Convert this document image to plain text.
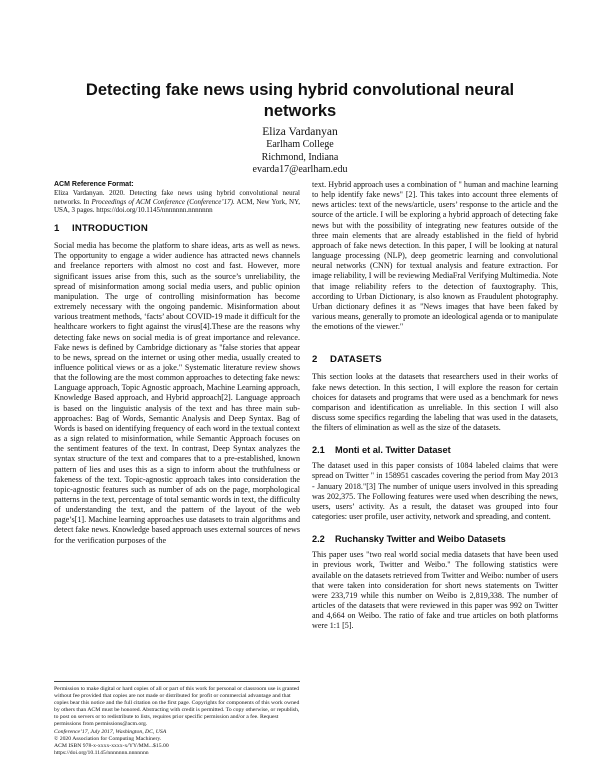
Detecting fake news using hybrid convolutional neural networks
Eliza Vardanyan
Earlham College
Richmond, Indiana
evarda17@earlham.edu
ACM Reference Format:

Eliza Vardanyan. 2020. Detecting fake news using hybrid convolutional neural networks. In Proceedings of ACM Conference (Conference’17). ACM, New York, NY, USA, 3 pages. https://doi.org/10.1145/nnnnnnn.nnnnnnn

1 INTRODUCTION

Social media has become the platform to share ideas, arts as well as news. The opportunity to engage a wider audience has attracted news channels and freelance reporters with almost no cost and fast. However, more significant issues arise from this, such as the source’s unreliability, the spread of misinformation among social media users, and public opinion manipulation. The urge of controlling misinformation has become extremely necessary with the ongoing pandemic. Misinformation about various treatment methods, ‘facts’ about COVID-19 made it difficult for the healthcare workers to fight against the virus[4].These are the reasons why detecting fake news on social media is of great importance and relevance. Fake news is defined by Cambridge dictionary as "false stories that appear to be news, spread on the internet or using other media, usually created to influence political views or as a joke." Systematic literature review shows that the following are the most common approaches to detecting fake news: Language approach, Topic Agnostic approach, Machine Learning approach, Knowledge Based approach, and Hybrid approach[2]. Language approach is based on the linguistic analysis of the text and has three main sub-approaches: Bag of Words, Semantic Analysis and Deep Syntax. Bag of Words is based on identifying frequency of each word in the textual context as a sign related to misinformation, while Semantic Approach focuses on the sentiment features of the text. In contrast, Deep Syntax analyzes the syntax structure of the text and compares that to a pre-established, known pattern of lies and uses this as a sign to inform about the truthfulness or fakeness of the text. Topic-agnostic approach takes into consideration the topic-agnostic features such as number of ads on the page, morphological patterns in the text, percentage of total semantic words in text, the difficulty of understanding the text, and the pattern of the layout of the web page’s[1]. Machine learning approaches use datasets to train algorithms and detect fake news. Knowledge based approach uses external sources of news for the verification purposes of the

text. Hybrid approach uses a combination of " human and machine learning to help identify fake news" [2]. This takes into account three elements of news articles: text of the news/article, users’ response to the article and the source of the article. I will be exploring a hybrid approach of detecting fake news but with the possibility of integrating new features outside of the three main elements that are already established in the field of hybrid approach of fake news detection. In this paper, I will be looking at natural language processing (NLP), deep geometric learning and convolutional neural networks (CNN) for textual analysis and feature extraction. For image reliability, I will be reviewing MediaFral Verifying Multimedia. Note that image reliability refers to the detection of fauxtography. This, according to Urban Dictionary, is also known as Fraudulent photography. Urban dictionary defines it as "News images that have been faked by various means, generally to promote an ideological agenda or to manipulate the emotions of the viewer."

2 DATASETS

This section looks at the datasets that researchers used in their works of fake news detection. In this section, I will explore the reason for certain choices for datasets and programs that were used as a benchmark for news comparison and identification as unreliable. In this section I will also discuss some specifics regarding the labeling that was used in the datasets, the filters of elimination as well as the size of the datasets.

2.1 Monti et al. Twitter Dataset

The dataset used in this paper consists of 1084 labeled claims that were spread on Twitter " in 158951 cascades covering the period from May 2013 - January 2018."[3] The number of unique users involved in this spreading was 202,375. The Following features were used when describing the news, users, users’ activity. As a result, the dataset was grouped into four categories: user profile, user activity, network and spreading, and content.

2.2 Ruchansky Twitter and Weibo Datasets

This paper uses "two real world social media datasets that have been used in previous work, Twitter and Weibo." The following statistics were available on the datasets retrieved from Twitter and Weibo: number of users that were taken into consideration for short news statements on Twitter were 233,719 while this number on Weibo is 2,819,338. The number of articles of the datasets that were reviewed in this paper was 992 on Twitter and 4,664 on Weibo. The ratio of fake and true articles on both platforms were 1:1 [5].

Permission to make digital or hard copies of all or part of this work for personal or classroom use is granted without fee provided that copies are not made or distributed for profit or commercial advantage and that copies bear this notice and the full citation on the first page. Copyrights for components of this work owned by others than ACM must be honored. Abstracting with credit is permitted. To copy otherwise, or republish, to post on servers or to redistribute to lists, requires prior specific permission and/or a fee. Request permissions from permissions@acm.org.

Conference’17, July 2017, Washington, DC, USA

© 2020 Association for Computing Machinery.

ACM ISBN 978-x-xxxx-xxxx-x/YY/MM...$15.00

https://doi.org/10.1145/nnnnnnn.nnnnnnn
